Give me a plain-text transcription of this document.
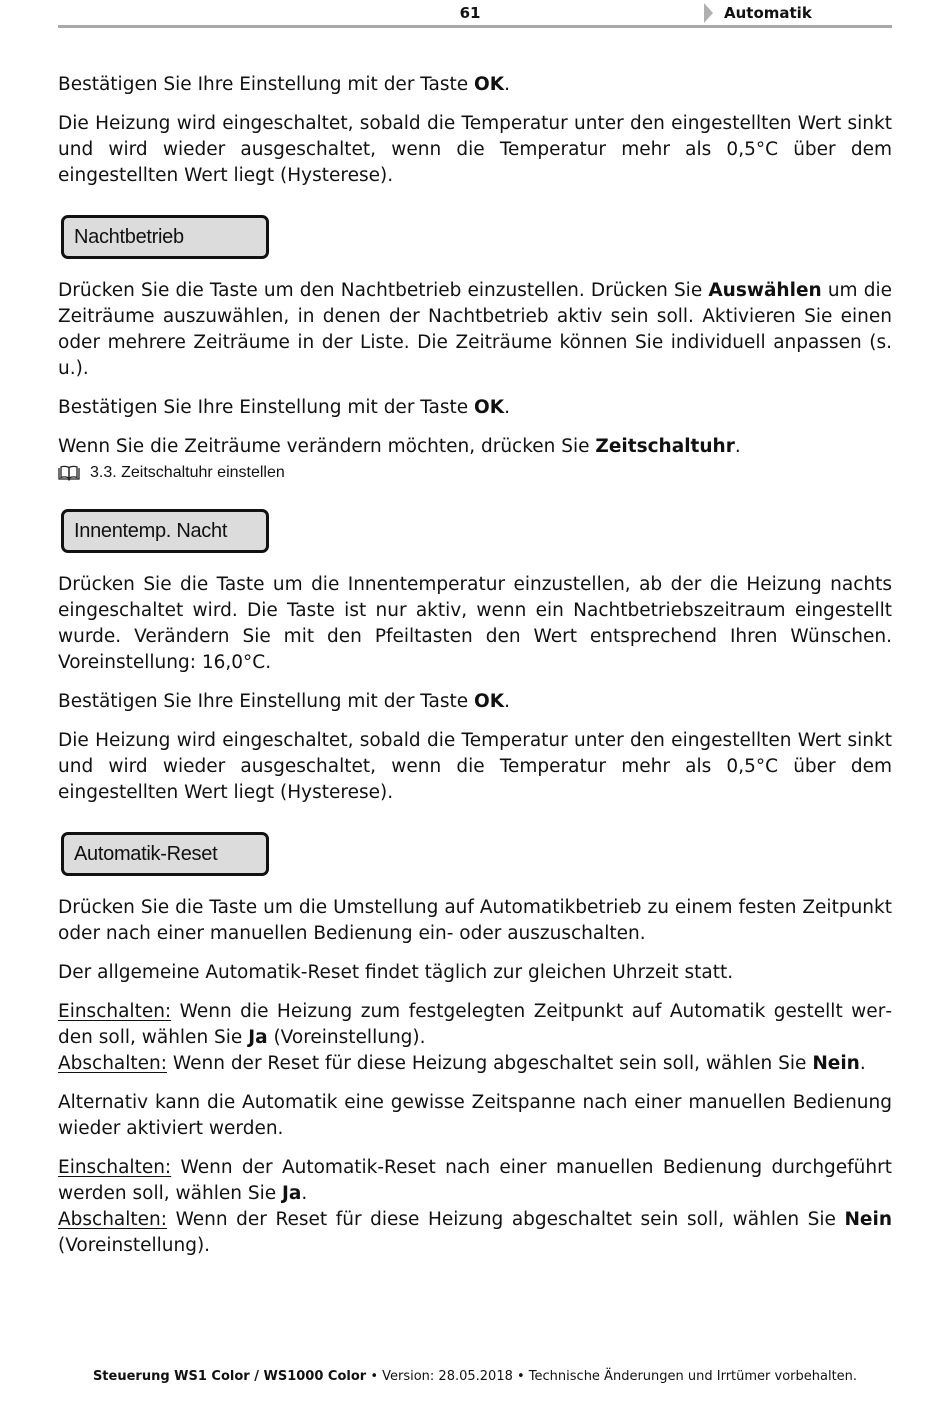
61	Automatik

Bestätigen Sie Ihre Einstellung mit der Taste OK.

Die Heizung wird eingeschaltet, sobald die Temperatur unter den eingestellten Wert sinkt und wird wieder ausgeschaltet, wenn die Temperatur mehr als 0,5°C über dem eingestellten Wert liegt (Hysterese).

Nachtbetrieb

Drücken Sie die Taste um den Nachtbetrieb einzustellen. Drücken Sie Auswählen um die Zeiträume auszuwählen, in denen der Nachtbetrieb aktiv sein soll. Aktivieren Sie einen oder mehrere Zeiträume in der Liste. Die Zeiträume können Sie individuell anpassen (s. u.).

Bestätigen Sie Ihre Einstellung mit der Taste OK.

Wenn Sie die Zeiträume verändern möchten, drücken Sie Zeitschaltuhr.

3.3. Zeitschaltuhr einstellen
Innentemp. Nacht

Drücken Sie die Taste um die Innentemperatur einzustellen, ab der die Heizung nachts eingeschaltet wird. Die Taste ist nur aktiv, wenn ein Nachtbetriebszeitraum eingestellt wurde. Verändern Sie mit den Pfeiltasten den Wert entsprechend Ihren Wünschen. Voreinstellung: 16,0°C.

Bestätigen Sie Ihre Einstellung mit der Taste OK.

Die Heizung wird eingeschaltet, sobald die Temperatur unter den eingestellten Wert sinkt und wird wieder ausgeschaltet, wenn die Temperatur mehr als 0,5°C über dem eingestellten Wert liegt (Hysterese).

Automatik-Reset

Drücken Sie die Taste um die Umstellung auf Automatikbetrieb zu einem festen Zeitpunkt oder nach einer manuellen Bedienung ein- oder auszuschalten.

Der allgemeine Automatik-Reset findet täglich zur gleichen Uhrzeit statt.

Einschalten: Wenn die Heizung zum festgelegten Zeitpunkt auf Automatik gestellt werden soll, wählen Sie Ja (Voreinstellung).
Abschalten: Wenn der Reset für diese Heizung abgeschaltet sein soll, wählen Sie Nein.

Alternativ kann die Automatik eine gewisse Zeitspanne nach einer manuellen Bedienung wieder aktiviert werden.

Einschalten: Wenn der Automatik-Reset nach einer manuellen Bedienung durchgeführt werden soll, wählen Sie Ja.
Abschalten: Wenn der Reset für diese Heizung abgeschaltet sein soll, wählen Sie Nein (Voreinstellung).

Steuerung WS1 Color / WS1000 Color • Version: 28.05.2018 • Technische Änderungen und Irrtümer vorbehalten.
